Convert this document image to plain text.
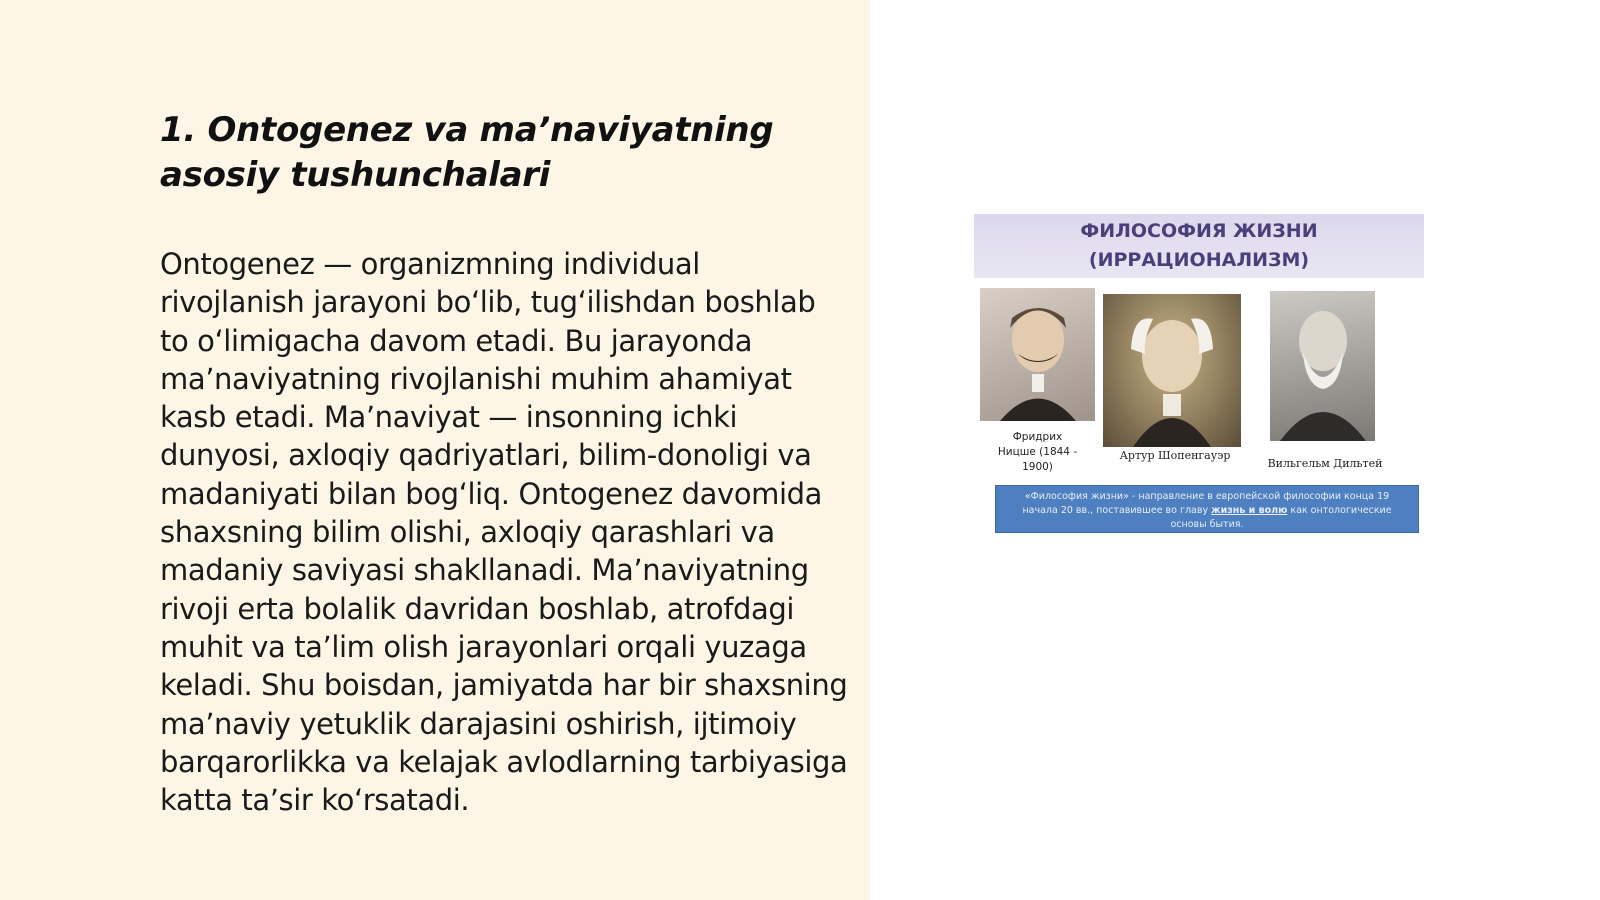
1. Ontogenez va ma’naviyatning asosiy tushunchalari

Ontogenez — organizmning individual rivojlanish jarayoni bo‘lib, tug‘ilishdan boshlab to o‘limigacha davom etadi. Bu jarayonda ma’naviyatning rivojlanishi muhim ahamiyat kasb etadi. Ma’naviyat — insonning ichki dunyosi, axloqiy qadriyatlari, bilim-donoligi va madaniyati bilan bog‘liq. Ontogenez davomida shaxsning bilim olishi, axloqiy qarashlari va madaniy saviyasi shakllanadi. Ma’naviyatning rivoji erta bolalik davridan boshlab, atrofdagi muhit va ta’lim olish jarayonlari orqali yuzaga keladi. Shu boisdan, jamiyatda har bir shaxsning ma’naviy yetuklik darajasini oshirish, ijtimoiy barqarorlikka va kelajak avlodlarning tarbiyasiga katta ta’sir ko‘rsatadi.

ФИЛОСОФИЯ ЖИЗНИ
(ИРРАЦИОНАЛИЗМ)
Фридрих
Ницше (1844 -
1900)
Артур Шопенгауэр
Вильгельм Дильтей
«Философия жизни» - направление в европейской философии конца 19 начала 20 вв., поставившее во главу жизнь и волю как онтологические основы бытия.
